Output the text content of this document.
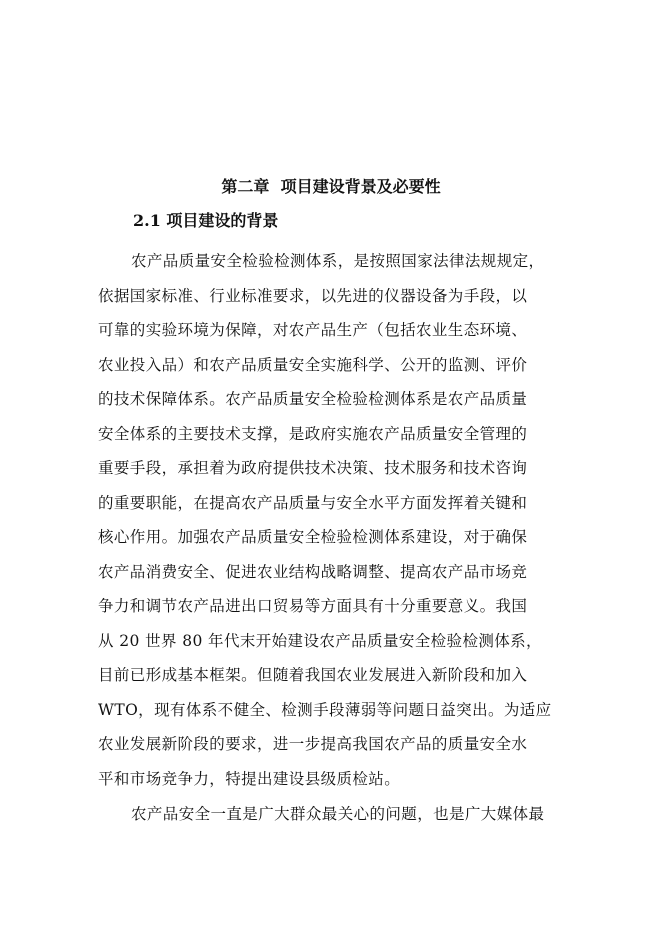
第二章  项目建设背景及必要性
2.1 项目建设的背景
农产品质量安全检验检测体系，是按照国家法律法规规定，
依据国家标准、行业标准要求，以先进的仪器设备为手段，以
可靠的实验环境为保障，对农产品生产（包括农业生态环境、
农业投入品）和农产品质量安全实施科学、公开的监测、评价
的技术保障体系。农产品质量安全检验检测体系是农产品质量
安全体系的主要技术支撑，是政府实施农产品质量安全管理的
重要手段，承担着为政府提供技术决策、技术服务和技术咨询
的重要职能，在提高农产品质量与安全水平方面发挥着关键和
核心作用。加强农产品质量安全检验检测体系建设，对于确保
农产品消费安全、促进农业结构战略调整、提高农产品市场竞
争力和调节农产品进出口贸易等方面具有十分重要意义。我国
从 20 世界 80 年代末开始建设农产品质量安全检验检测体系，
目前已形成基本框架。但随着我国农业发展进入新阶段和加入
WTO，现有体系不健全、检测手段薄弱等问题日益突出。为适应
农业发展新阶段的要求，进一步提高我国农产品的质量安全水
平和市场竞争力，特提出建设县级质检站。
农产品安全一直是广大群众最关心的问题，也是广大媒体最
